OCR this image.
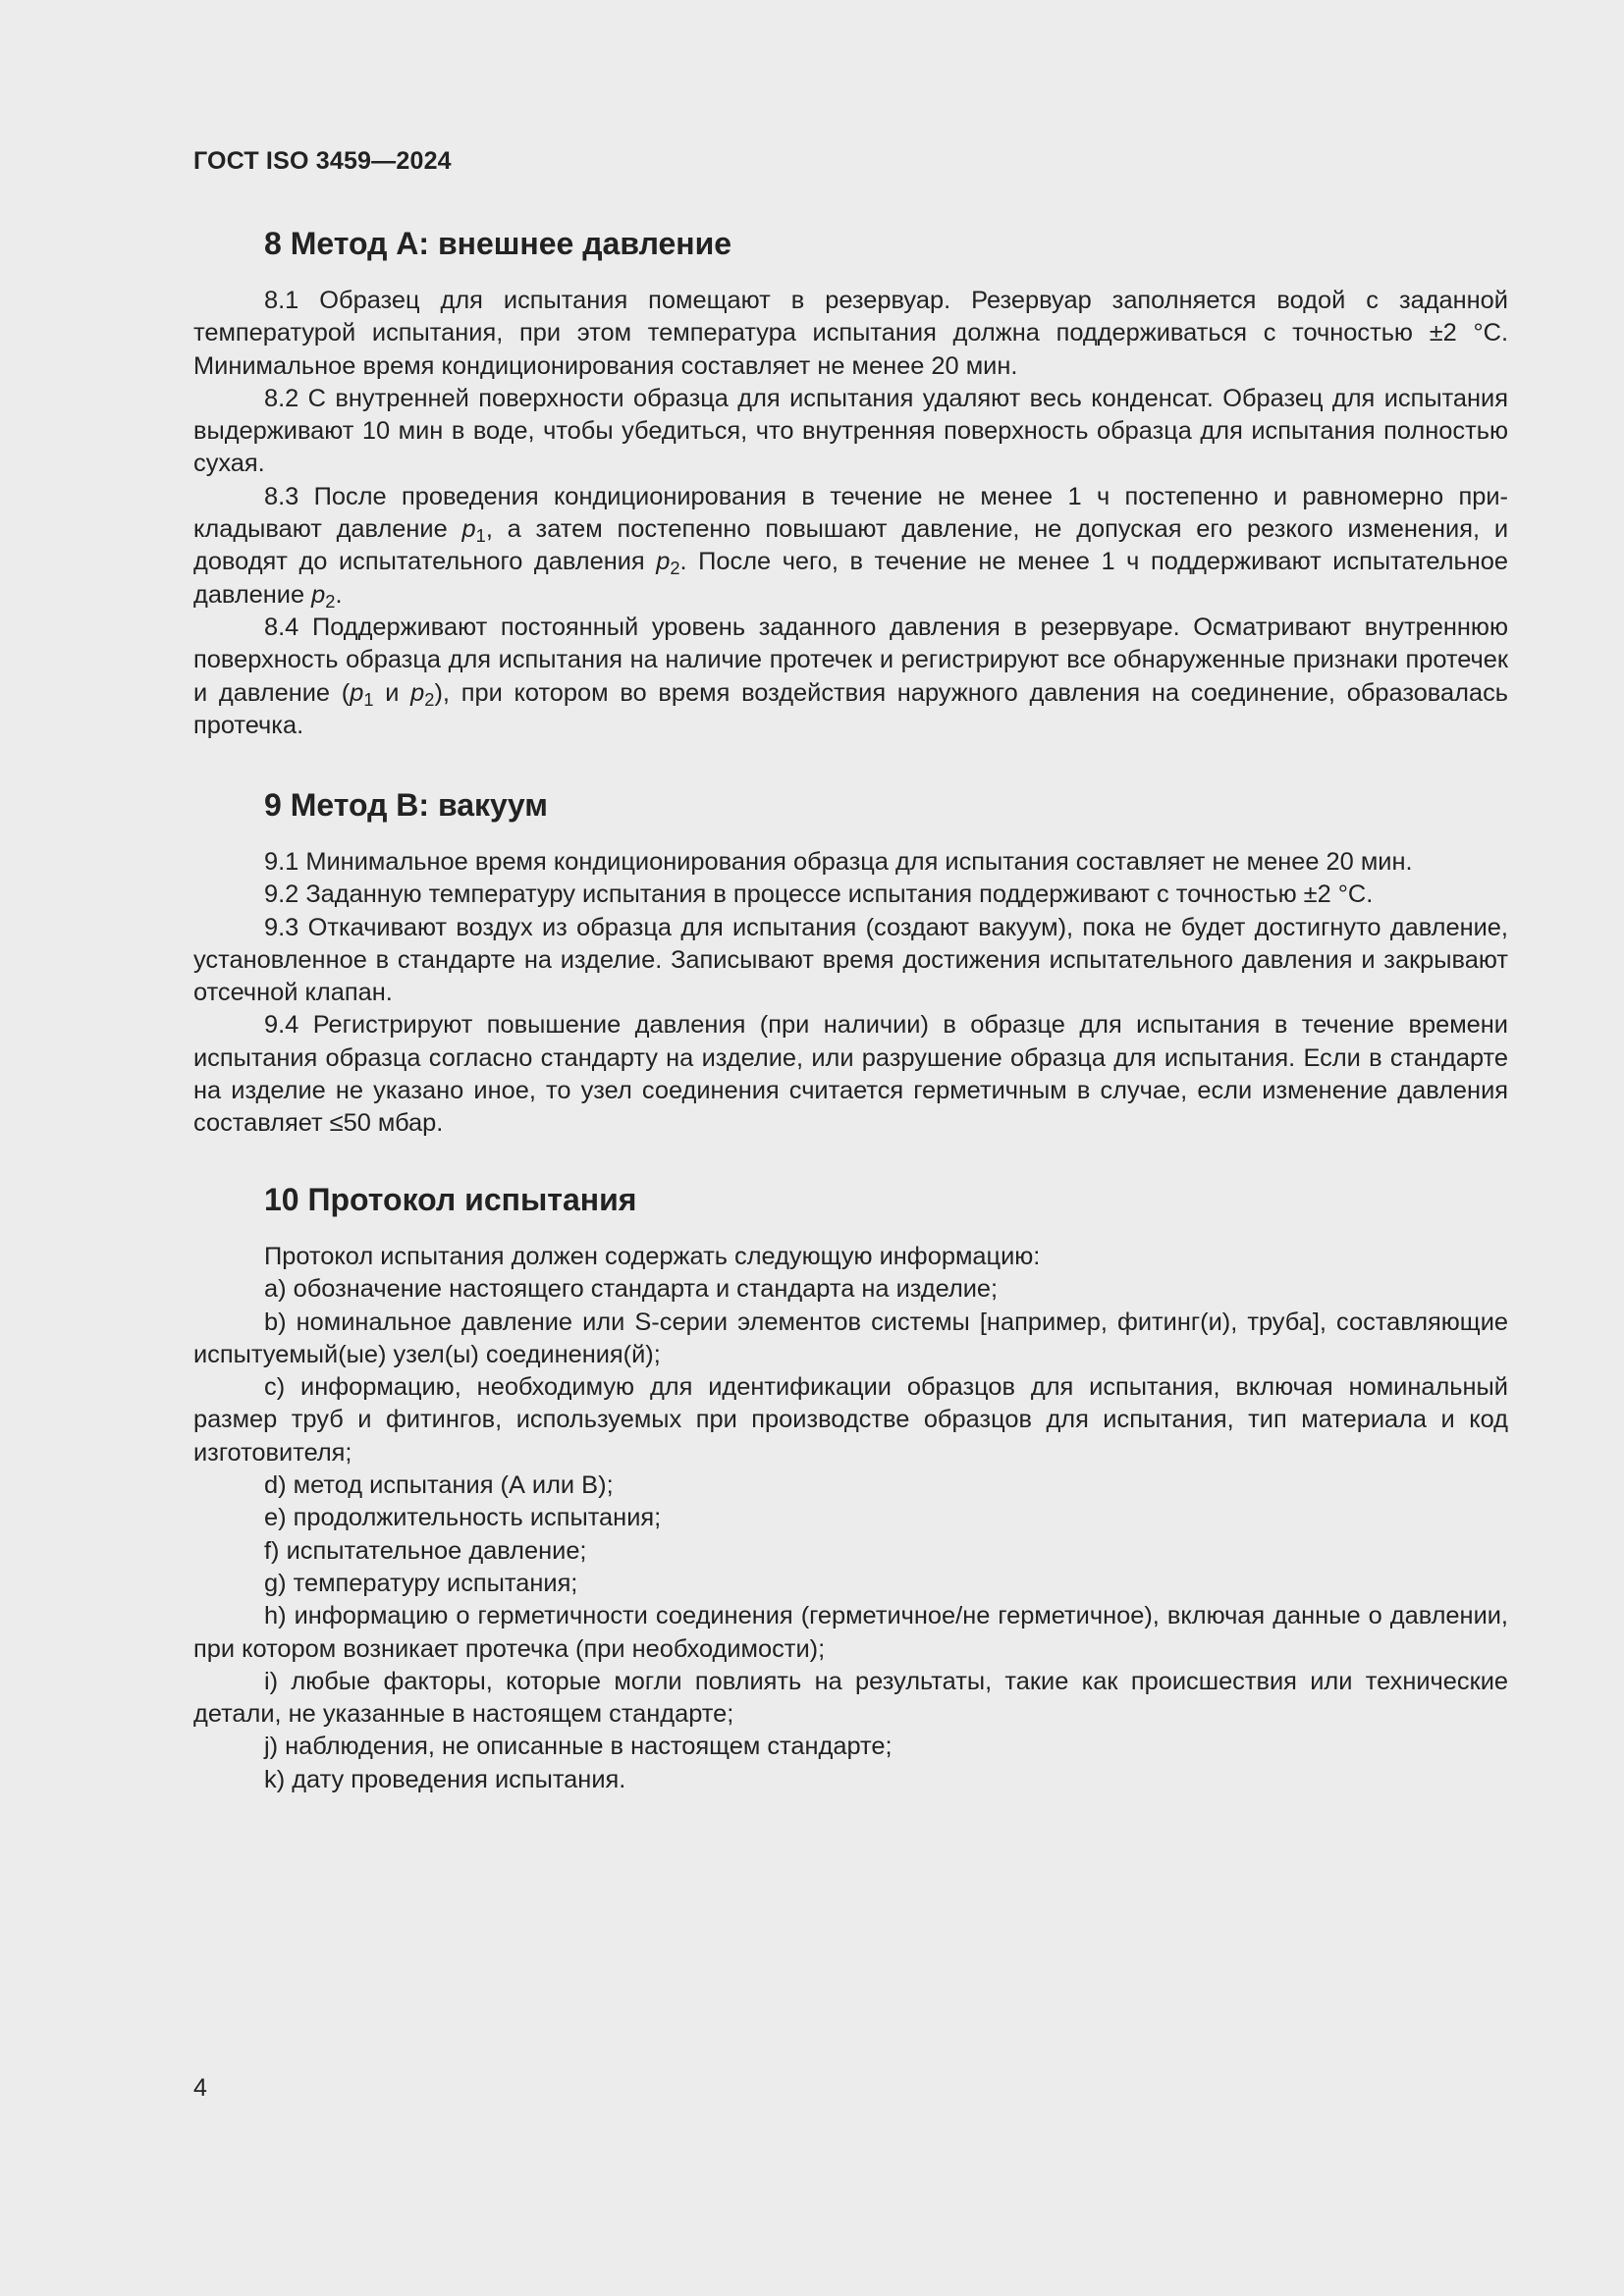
ГОСТ ISO 3459—2024
8 Метод А: внешнее давление

8.1 Образец для испытания помещают в резервуар. Резервуар заполняется водой с заданной температурой испытания, при этом температура испытания должна поддерживаться с точностью ±2 °С. Минимальное время кондиционирования составляет не менее 20 мин.

8.2 С внутренней поверхности образца для испытания удаляют весь конденсат. Образец для испытания выдерживают 10 мин в воде, чтобы убедиться, что внутренняя поверхность образца для испытания полностью сухая.

8.3 После проведения кондиционирования в течение не менее 1 ч постепенно и равномерно прикладывают давление $p_1$, а затем постепенно повышают давление, не допуская его резкого изменения, и доводят до испытательного давления $p_2$. После чего, в течение не менее 1 ч поддерживают испытательное давление $p_2$.

8.4 Поддерживают постоянный уровень заданного давления в резервуаре. Осматривают внутреннюю поверхность образца для испытания на наличие протечек и регистрируют все обнаруженные признаки протечек и давление ($p_1$ и $p_2$), при котором во время воздействия наружного давления на соединение, образовалась протечка.

9 Метод В: вакуум

9.1 Минимальное время кондиционирования образца для испытания составляет не менее 20 мин.

9.2 Заданную температуру испытания в процессе испытания поддерживают с точностью ±2 °С.

9.3 Откачивают воздух из образца для испытания (создают вакуум), пока не будет достигнуто давление, установленное в стандарте на изделие. Записывают время достижения испытательного давления и закрывают отсечной клапан.

9.4 Регистрируют повышение давления (при наличии) в образце для испытания в течение времени испытания образца согласно стандарту на изделие, или разрушение образца для испытания. Если в стандарте на изделие не указано иное, то узел соединения считается герметичным в случае, если изменение давления составляет ≤50 мбар.

10 Протокол испытания

Протокол испытания должен содержать следующую информацию:

a) обозначение настоящего стандарта и стандарта на изделие;

b) номинальное давление или S-серии элементов системы [например, фитинг(и), труба], составляющие испытуемый(ые) узел(ы) соединения(й);

c) информацию, необходимую для идентификации образцов для испытания, включая номинальный размер труб и фитингов, используемых при производстве образцов для испытания, тип материала и код изготовителя;

d) метод испытания (А или В);

e) продолжительность испытания;

f) испытательное давление;

g) температуру испытания;

h) информацию о герметичности соединения (герметичное/не герметичное), включая данные о давлении, при котором возникает протечка (при необходимости);

i) любые факторы, которые могли повлиять на результаты, такие как происшествия или технические детали, не указанные в настоящем стандарте;

j) наблюдения, не описанные в настоящем стандарте;

k) дату проведения испытания.

4
